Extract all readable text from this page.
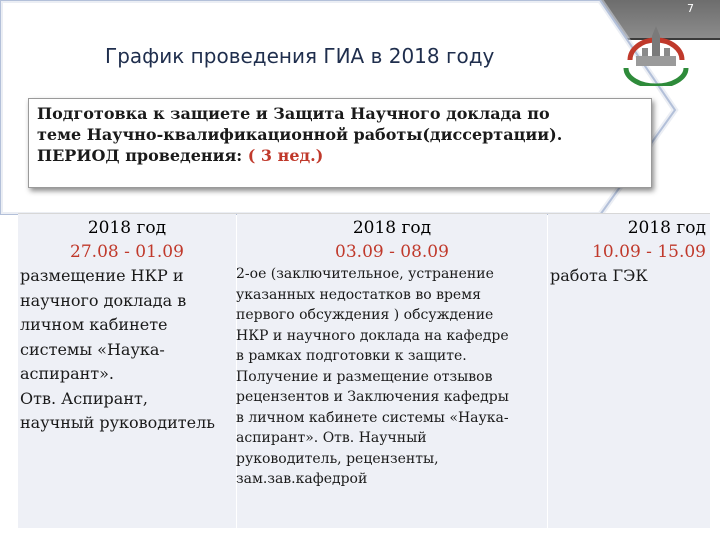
7
График проведения ГИА в 2018 году
Подготовка к защиете и Защита Научного доклада по
теме Научно-квалификационной работы(диссертации).
ПЕРИОД проведения: ( 3 нед.)
2018 год
27.08 - 01.09
2018 год
03.09 - 08.09
2018 год
10.09 - 15.09
размещение НКР и
научного доклада в
личном кабинете
системы «Наука-
аспирант».
Отв. Аспирант,
научный руководитель
2-ое (заключительное, устранение
указанных недостатков во время
первого обсуждения ) обсуждение
НКР и научного доклада на кафедре
в рамках подготовки к защите.
Получение и размещение отзывов
рецензентов и Заключения кафедры
в личном кабинете системы «Наука-
аспирант». Отв. Научный
руководитель, рецензенты,
зам.зав.кафедрой
работа ГЭК
